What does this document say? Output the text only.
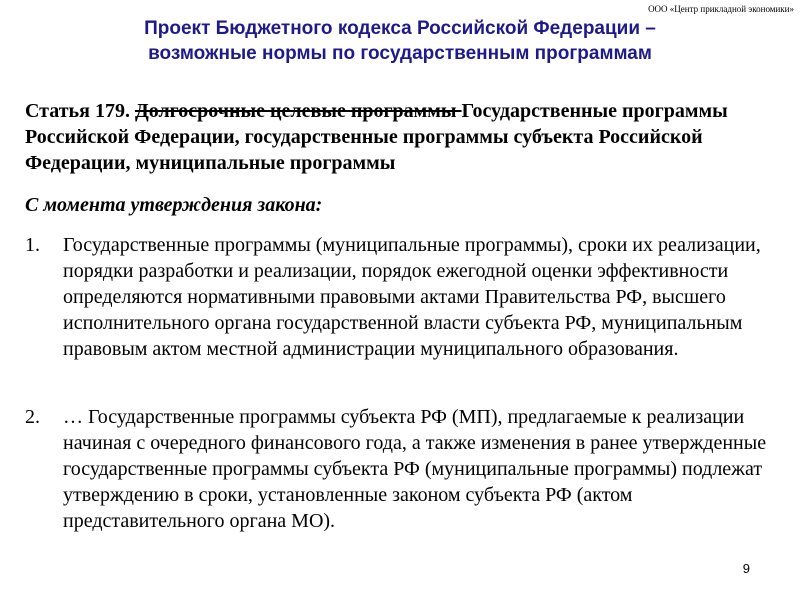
ООО «Центр прикладной экономики»
Проект Бюджетного кодекса Российской Федерации –
возможные нормы по государственным программам
Статья 179. Долгосрочные целевые программы Государственные программы Российской Федерации, государственные программы субъекта Российской Федерации, муниципальные программы
С момента утверждения закона:
1. Государственные программы (муниципальные программы), сроки их реализации, порядки разработки и реализации, порядок ежегодной оценки эффективности определяются нормативными правовыми актами Правительства РФ, высшего исполнительного органа государственной власти субъекта РФ, муниципальным правовым актом местной администрации муниципального образования.
2. … Государственные программы субъекта РФ (МП), предлагаемые к реализации начиная с очередного финансового года, а также изменения в ранее утвержденные государственные программы субъекта РФ (муниципальные программы) подлежат утверждению в сроки, установленные законом субъекта РФ (актом представительного органа МО).
9
